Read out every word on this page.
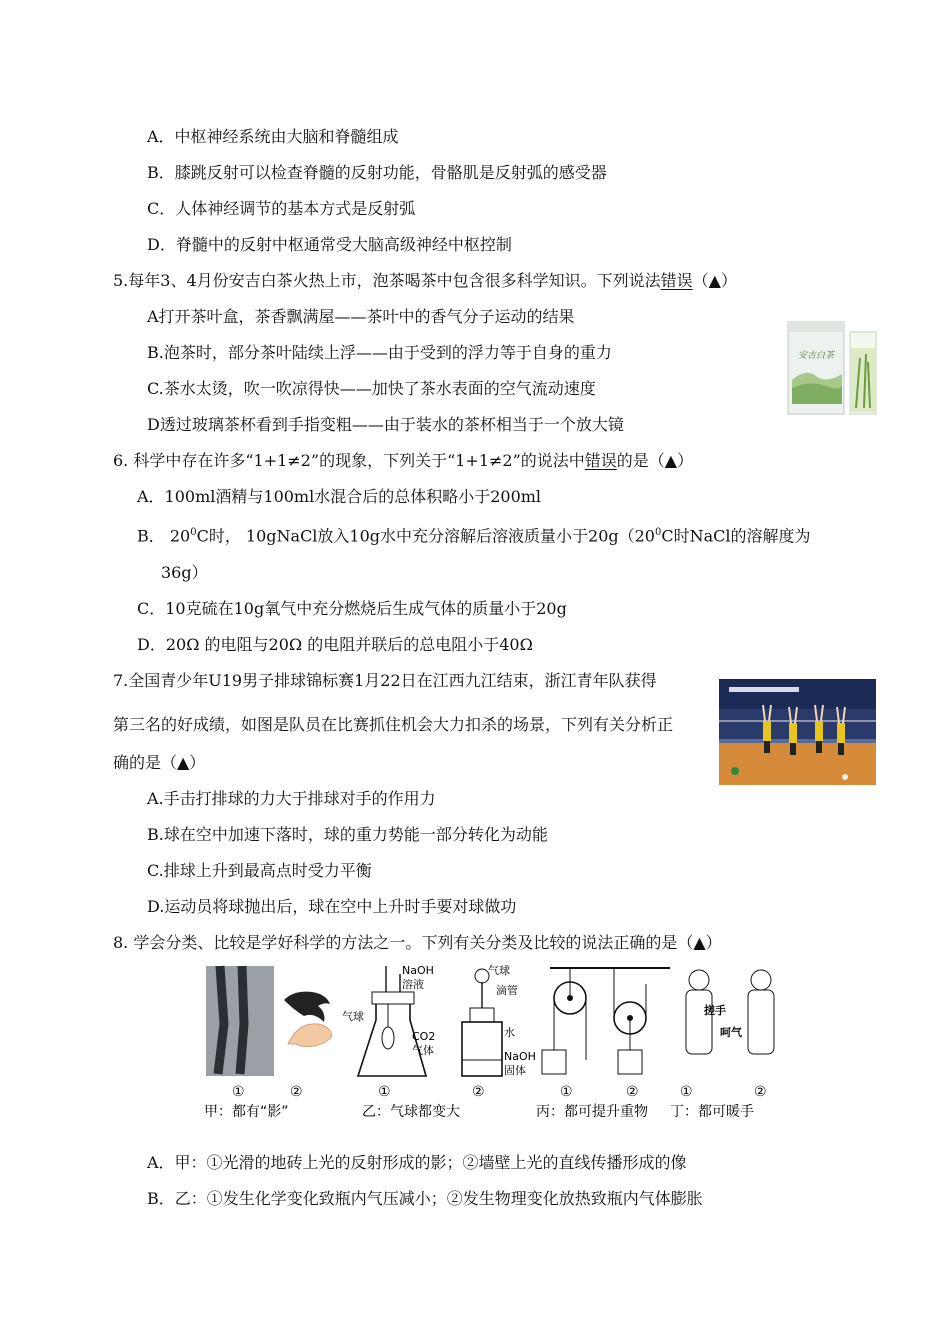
A．中枢神经系统由大脑和脊髓组成
B．膝跳反射可以检查脊髓的反射功能，骨骼肌是反射弧的感受器
C．人体神经调节的基本方式是反射弧
D．脊髓中的反射中枢通常受大脑高级神经中枢控制
5.每年3、4月份安吉白茶火热上市，泡茶喝茶中包含很多科学知识。下列说法错误（▲）
A打开茶叶盒，茶香飘满屋——茶叶中的香气分子运动的结果
B.泡茶时，部分茶叶陆续上浮——由于受到的浮力等于自身的重力
C.茶水太烫，吹一吹凉得快——加快了茶水表面的空气流动速度
D透过玻璃茶杯看到手指变粗——由于装水的茶杯相当于一个放大镜
安吉白茶
6. 科学中存在许多“1+1≠2”的现象，下列关于“1+1≠2”的说法中错误的是（▲）
A．100ml酒精与100ml水混合后的总体积略小于200ml
B． $20^0C$时， 10gNaCl放入10g水中充分溶解后溶液质量小于$20g(20^0C$时NaCl的溶解度为
36g）
C．10克硫在10g氧气中充分燃烧后生成气体的质量小于20g
D．20Ω 的电阻与20Ω 的电阻并联后的总电阻小于40Ω
7.全国青少年U19男子排球锦标赛1月22日在江西九江结束，浙江青年队获得
第三名的好成绩，如图是队员在比赛抓住机会大力扣杀的场景，下列有关分析正
确的是（▲）
A.手击打排球的力大于排球对手的作用力
B.球在空中加速下落时，球的重力势能一部分转化为动能
C.排球上升到最高点时受力平衡
D.运动员将球抛出后，球在空中上升时手要对球做功
8. 学会分类、比较是学好科学的方法之一。下列有关分类及比较的说法正确的是（▲）
NaOH
溶液
气球
CO2
气体
气球
滴管
水
NaOH
固体
搓手
呵气
①	②	①	②	①	②	①	②
甲：都有“影”	乙：气球都变大	丙：都可提升重物 丁：都可暖手
A．甲：①光滑的地砖上光的反射形成的影；②墙壁上光的直线传播形成的像
B．乙：①发生化学变化致瓶内气压减小；②发生物理变化放热致瓶内气体膨胀
